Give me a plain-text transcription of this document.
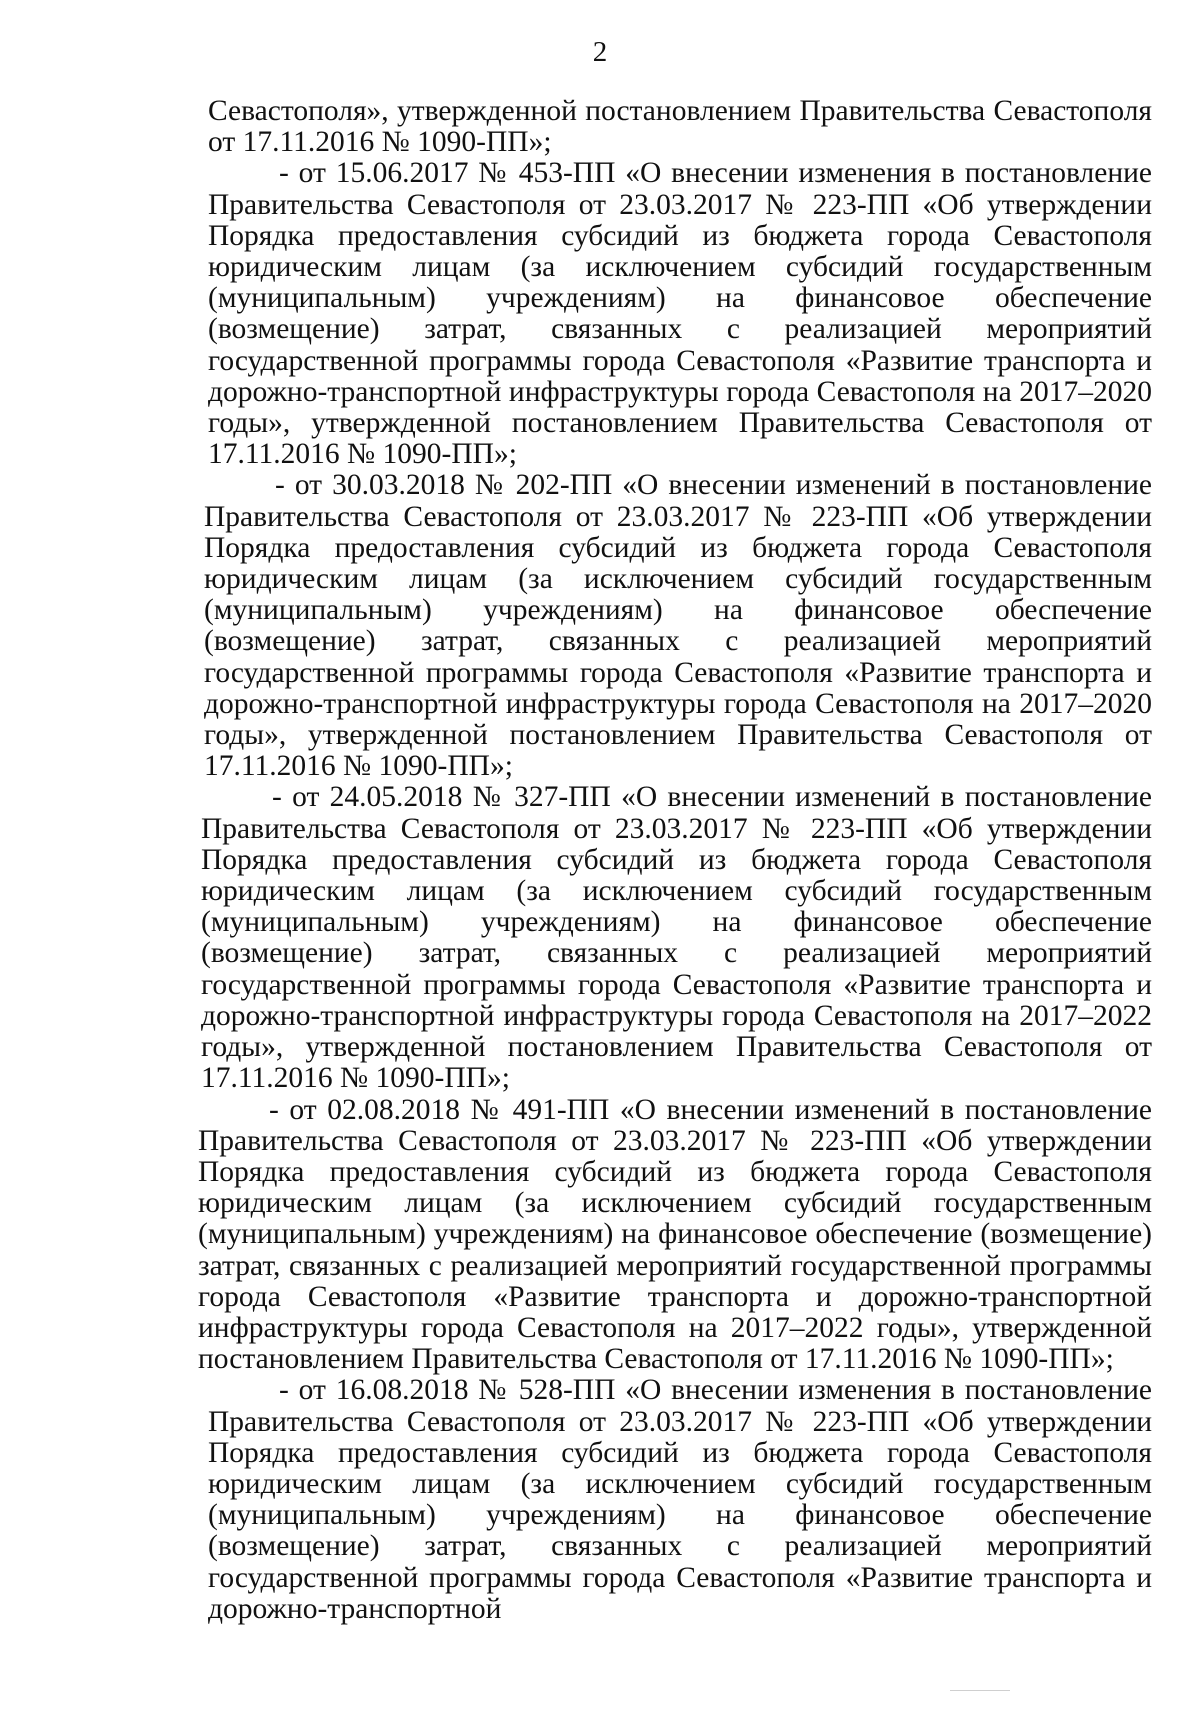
2

Севастополя», утвержденной постановлением Правительства Севастополя от 17.11.2016 № 1090-ПП»;

- от 15.06.2017 № 453-ПП «О внесении изменения в постановление Правительства Севастополя от 23.03.2017 № 223-ПП «Об утверждении Порядка предоставления субсидий из бюджета города Севастополя юридическим лицам (за исключением субсидий государственным (муниципальным) учреждениям) на финансовое обеспечение (возмещение) затрат, связанных с реализацией мероприятий государственной программы города Севастополя «Развитие транспорта и дорожно-транспортной инфраструктуры города Севастополя на 2017–2020 годы», утвержденной постановлением Правительства Севастополя от 17.11.2016 № 1090-ПП»;

- от 30.03.2018 № 202-ПП «О внесении изменений в постановление Правительства Севастополя от 23.03.2017 № 223-ПП «Об утверждении Порядка предоставления субсидий из бюджета города Севастополя юридическим лицам (за исключением субсидий государственным (муниципальным) учреждениям) на финансовое обеспечение (возмещение) затрат, связанных с реализацией мероприятий государственной программы города Севастополя «Развитие транспорта и дорожно-транспортной инфраструктуры города Севастополя на 2017–2020 годы», утвержденной постановлением Правительства Севастополя от 17.11.2016 № 1090-ПП»;

- от 24.05.2018 № 327-ПП «О внесении изменений в постановление Правительства Севастополя от 23.03.2017 № 223-ПП «Об утверждении Порядка предоставления субсидий из бюджета города Севастополя юридическим лицам (за исключением субсидий государственным (муниципальным) учреждениям) на финансовое обеспечение (возмещение) затрат, связанных с реализацией мероприятий государственной программы города Севастополя «Развитие транспорта и дорожно-транспортной инфраструктуры города Севастополя на 2017–2022 годы», утвержденной постановлением Правительства Севастополя от 17.11.2016 № 1090-ПП»;

- от 02.08.2018 № 491-ПП «О внесении изменений в постановление Правительства Севастополя от 23.03.2017 № 223-ПП «Об утверждении Порядка предоставления субсидий из бюджета города Севастополя юридическим лицам (за исключением субсидий государственным (муниципальным) учреждениям) на финансовое обеспечение (возмещение) затрат, связанных с реализацией мероприятий государственной программы города Севастополя «Развитие транспорта и дорожно-транспортной инфраструктуры города Севастополя на 2017–2022 годы», утвержденной постановлением Правительства Севастополя от 17.11.2016 № 1090-ПП»;

- от 16.08.2018 № 528-ПП «О внесении изменения в постановление Правительства Севастополя от 23.03.2017 № 223-ПП «Об утверждении Порядка предоставления субсидий из бюджета города Севастополя юридическим лицам (за исключением субсидий государственным (муниципальным) учреждениям) на финансовое обеспечение (возмещение) затрат, связанных с реализацией мероприятий государственной программы города Севастополя «Развитие транспорта и дорожно-транспортной
